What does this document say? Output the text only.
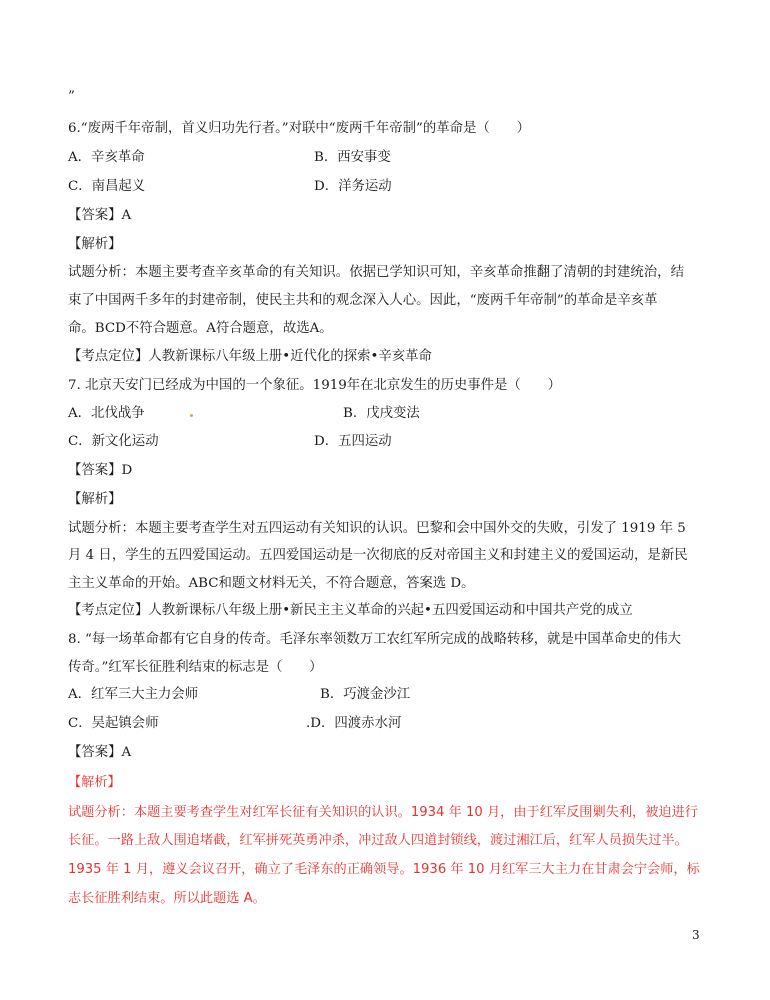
”
6.“废两千年帝制，首义归功先行者。”对联中“废两千年帝制”的革命是（　　）
A．辛亥革命	B．西安事变
C．南昌起义	D．洋务运动
【答案】A
【解析】
试题分析：本题主要考查辛亥革命的有关知识。依据已学知识可知，辛亥革命推翻了清朝的封建统治，结
束了中国两千多年的封建帝制，使民主共和的观念深入人心。因此，“废两千年帝制”的革命是辛亥革
命。BCD不符合题意。A符合题意，故选A。
【考点定位】人教新课标八年级上册•近代化的探索•辛亥革命
7. 北京天安门已经成为中国的一个象征。1919年在北京发生的历史事件是（　　）
A．北伐战争	B．戊戌变法
C．新文化运动	D．五四运动
【答案】D
【解析】
试题分析：本题主要考查学生对五四运动有关知识的认识。巴黎和会中国外交的失败，引发了 1919 年 5
月 4 日，学生的五四爱国运动。五四爱国运动是一次彻底的反对帝国主义和封建主义的爱国运动，是新民
主主义革命的开始。ABC和题文材料无关，不符合题意，答案选 D。
【考点定位】人教新课标八年级上册•新民主主义革命的兴起•五四爱国运动和中国共产党的成立
8. “每一场革命都有它自身的传奇。毛泽东率领数万工农红军所完成的战略转移，就是中国革命史的伟大
传奇。”红军长征胜利结束的标志是（　　）
A．红军三大主力会师	B．巧渡金沙江
C．吴起镇会师	.D．四渡赤水河
【答案】A
【解析】
试题分析：本题主要考查学生对红军长征有关知识的认识。1934 年 10 月，由于红军反围剿失利，被迫进行
长征。一路上敌人围追堵截，红军拼死英勇冲杀，冲过敌人四道封锁线，渡过湘江后，红军人员损失过半。
1935 年 1 月，遵义会议召开，确立了毛泽东的正确领导。1936 年 10 月红军三大主力在甘肃会宁会师，标
志长征胜利结束。所以此题选 A。
3
